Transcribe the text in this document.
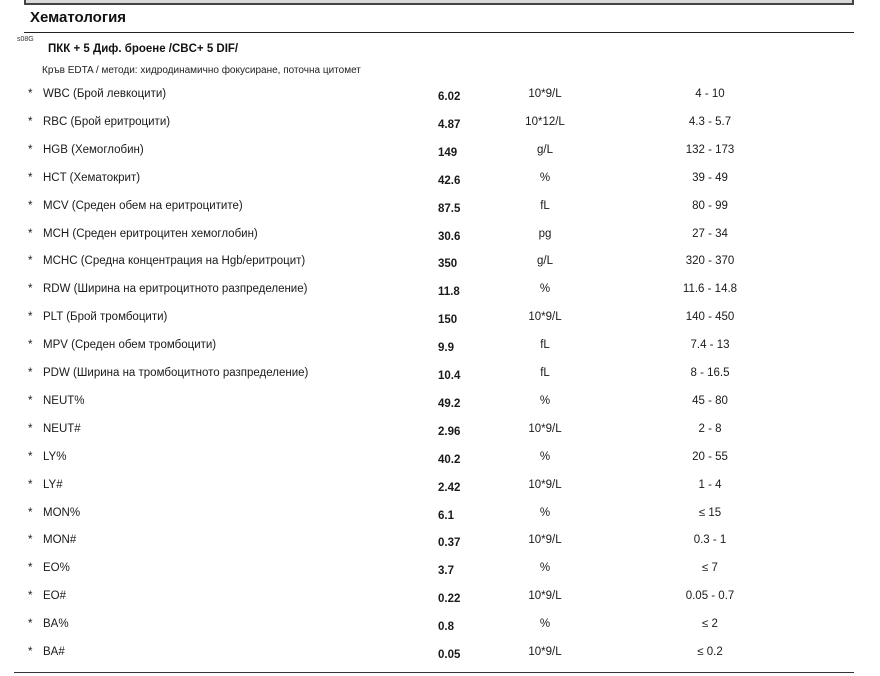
Хематология
s08G
ПКК + 5 Диф. броене /CBC+ 5 DIF/
Кръв EDTA / методи: хидродинамично фокусиране, поточна цитомет
* WBC (Брой левкоцити)	6.02	10*9/L	4 - 10
* RBC (Брой еритроцити)	4.87	10*12/L	4.3 - 5.7
* HGB (Хемоглобин)	149	g/L	132 - 173
* HCT (Хематокрит)	42.6	%	39 - 49
* MCV (Среден обем на еритроцитите)	87.5	fL	80 - 99
* MCH (Среден еритроцитен хемоглобин)	30.6	pg	27 - 34
* MCHC (Средна концентрация на Hgb/еритроцит)	350	g/L	320 - 370
* RDW (Ширина на еритроцитното разпределение)	11.8	%	11.6 - 14.8
* PLT (Брой тромбоцити)	150	10*9/L	140 - 450
* MPV (Среден обем тромбоцити)	9.9	fL	7.4 - 13
* PDW (Ширина на тромбоцитното разпределение)	10.4	fL	8 - 16.5
* NEUT%	49.2	%	45 - 80
* NEUT#	2.96	10*9/L	2 - 8
* LY%	40.2	%	20 - 55
* LY#	2.42	10*9/L	1 - 4
* MON%	6.1	%	≤ 15
* MON#	0.37	10*9/L	0.3 - 1
* EO%	3.7	%	≤ 7
* EO#	0.22	10*9/L	0.05 - 0.7
* BA%	0.8	%	≤ 2
* BA#	0.05	10*9/L	≤ 0.2
